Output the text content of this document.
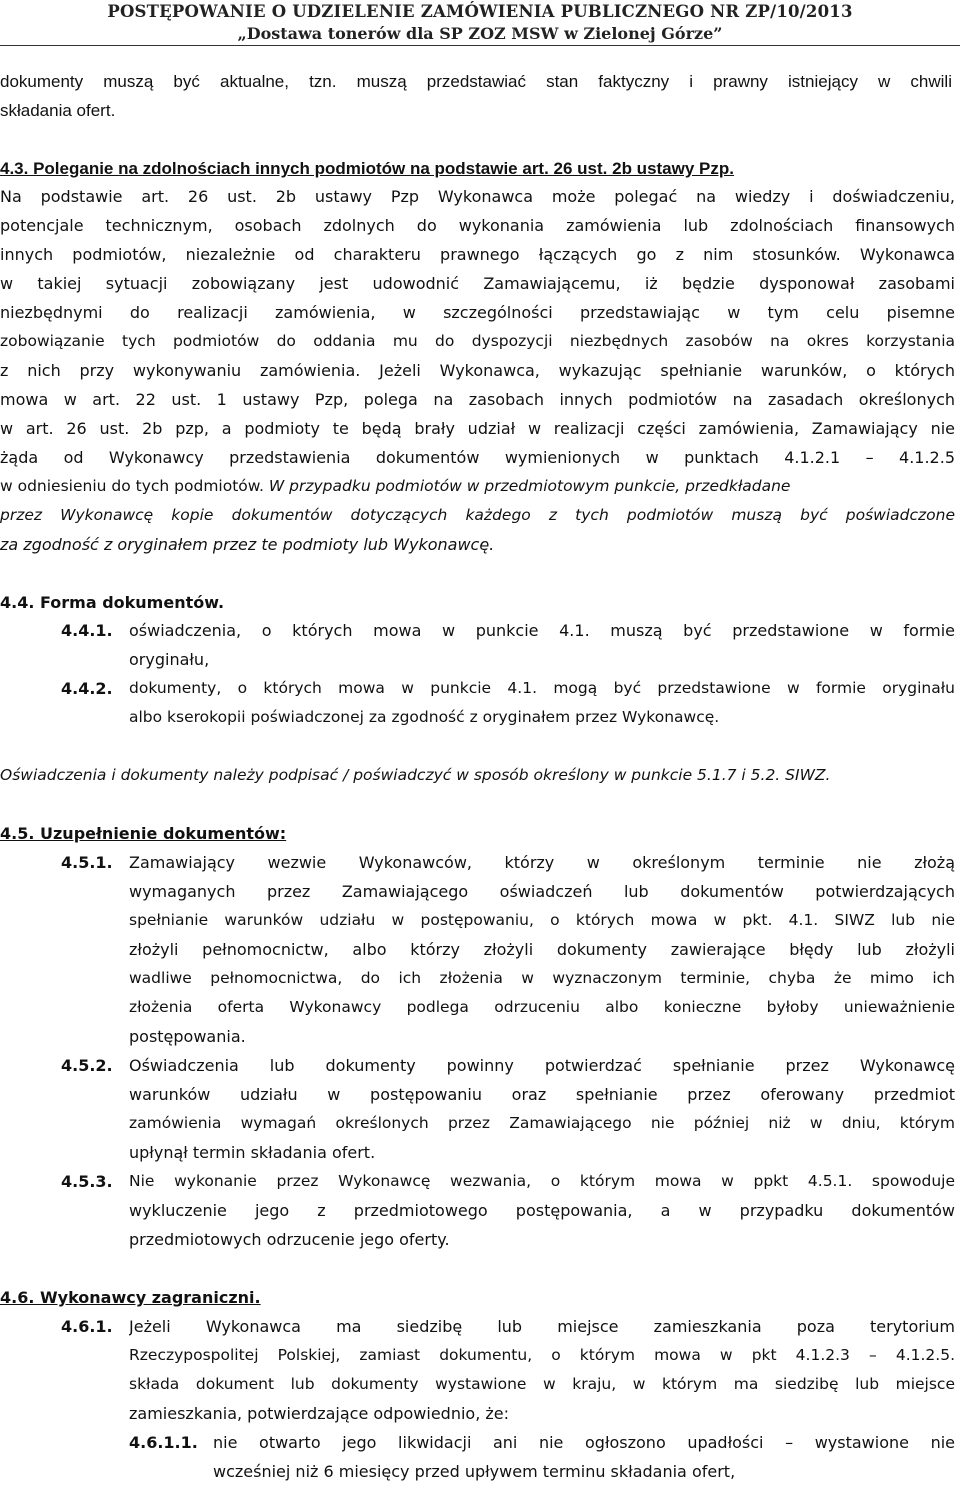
POSTĘPOWANIE O UDZIELENIE ZAMÓWIENIA PUBLICZNEGO NR ZP/10/2013
„Dostawa tonerów dla SP ZOZ MSW w Zielonej Górze”
dokumenty muszą być aktualne, tzn. muszą przedstawiać stan faktyczny i prawny istniejący w chwili
składania ofert.
4.3. Poleganie na zdolnościach innych podmiotów na podstawie art. 26 ust. 2b ustawy Pzp.
Na podstawie art. 26 ust. 2b ustawy Pzp Wykonawca może polegać na wiedzy i doświadczeniu,
potencjale technicznym, osobach zdolnych do wykonania zamówienia lub zdolnościach finansowych
innych podmiotów, niezależnie od charakteru prawnego łączących go z nim stosunków. Wykonawca
w takiej sytuacji zobowiązany jest udowodnić Zamawiającemu, iż będzie dysponował zasobami
niezbędnymi do realizacji zamówienia, w szczególności przedstawiając w tym celu pisemne
zobowiązanie tych podmiotów do oddania mu do dyspozycji niezbędnych zasobów na okres korzystania
z nich przy wykonywaniu zamówienia. Jeżeli Wykonawca, wykazując spełnianie warunków, o których
mowa w art. 22 ust. 1 ustawy Pzp, polega na zasobach innych podmiotów na zasadach określonych
w art. 26 ust. 2b pzp, a podmioty te będą brały udział w realizacji części zamówienia, Zamawiający nie
żąda od Wykonawcy przedstawienia dokumentów wymienionych w punktach 4.1.2.1 – 4.1.2.5
w odniesieniu do tych podmiotów. W przypadku podmiotów w przedmiotowym punkcie, przedkładane
przez Wykonawcę kopie dokumentów dotyczących każdego z tych podmiotów muszą być poświadczone
za zgodność z oryginałem przez te podmioty lub Wykonawcę.
4.4. Forma dokumentów.
4.4.1. oświadczenia, o których mowa w punkcie 4.1. muszą być przedstawione w formie
oryginału,
4.4.2. dokumenty, o których mowa w punkcie 4.1. mogą być przedstawione w formie oryginału
albo kserokopii poświadczonej za zgodność z oryginałem przez Wykonawcę.
Oświadczenia i dokumenty należy podpisać / poświadczyć w sposób określony w punkcie 5.1.7 i 5.2. SIWZ.
4.5. Uzupełnienie dokumentów:
4.5.1. Zamawiający wezwie Wykonawców, którzy w określonym terminie nie złożą
wymaganych przez Zamawiającego oświadczeń lub dokumentów potwierdzających
spełnianie warunków udziału w postępowaniu, o których mowa w pkt. 4.1. SIWZ lub nie
złożyli pełnomocnictw, albo którzy złożyli dokumenty zawierające błędy lub złożyli
wadliwe pełnomocnictwa, do ich złożenia w wyznaczonym terminie, chyba że mimo ich
złożenia oferta Wykonawcy podlega odrzuceniu albo konieczne byłoby unieważnienie
postępowania.
4.5.2. Oświadczenia lub dokumenty powinny potwierdzać spełnianie przez Wykonawcę
warunków udziału w postępowaniu oraz spełnianie przez oferowany przedmiot
zamówienia wymagań określonych przez Zamawiającego nie później niż w dniu, którym
upłynął termin składania ofert.
4.5.3. Nie wykonanie przez Wykonawcę wezwania, o którym mowa w ppkt 4.5.1. spowoduje
wykluczenie jego z przedmiotowego postępowania, a w przypadku dokumentów
przedmiotowych odrzucenie jego oferty.
4.6. Wykonawcy zagraniczni.
4.6.1. Jeżeli Wykonawca ma siedzibę lub miejsce zamieszkania poza terytorium
Rzeczypospolitej Polskiej, zamiast dokumentu, o którym mowa w pkt 4.1.2.3 – 4.1.2.5.
składa dokument lub dokumenty wystawione w kraju, w którym ma siedzibę lub miejsce
zamieszkania, potwierdzające odpowiednio, że:
4.6.1.1. nie otwarto jego likwidacji ani nie ogłoszono upadłości – wystawione nie
wcześniej niż 6 miesięcy przed upływem terminu składania ofert,
